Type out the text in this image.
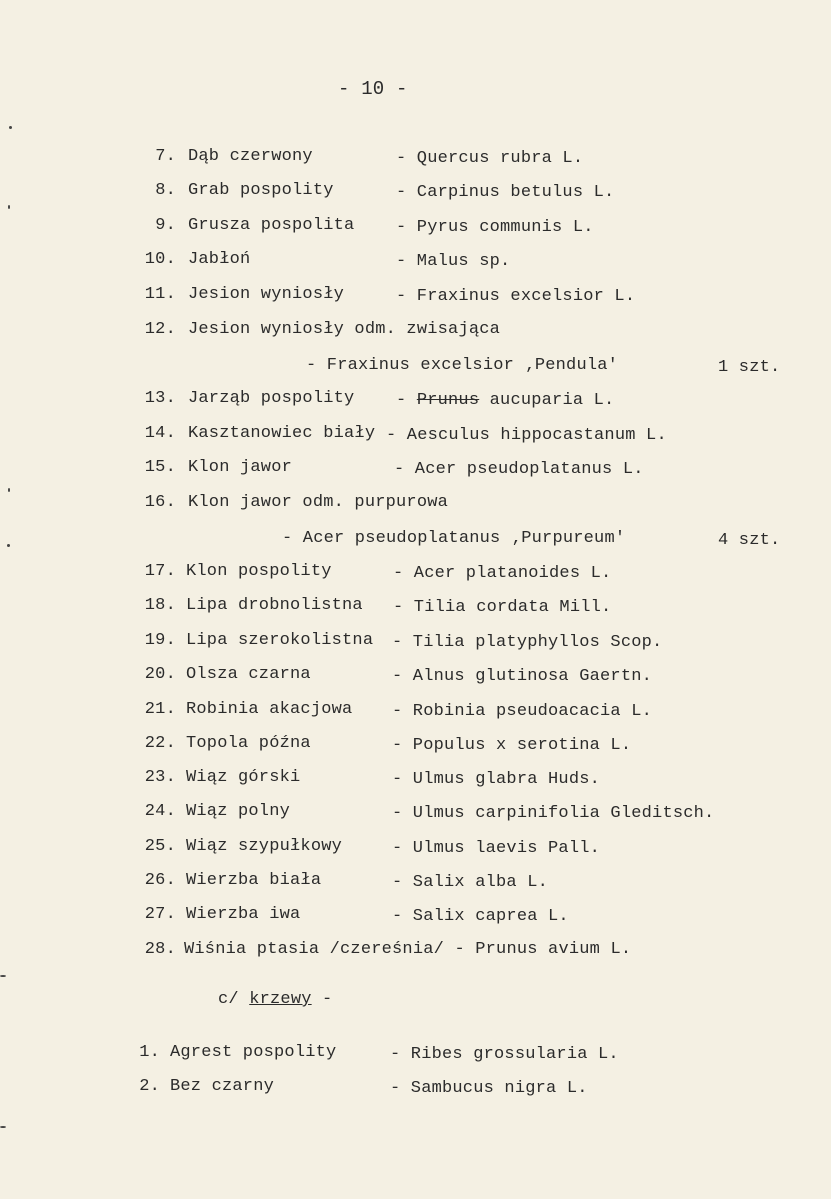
- 10 -
7. Dąb czerwony	- Quercus rubra L.
8. Grab pospolity	- Carpinus betulus L.
9. Grusza pospolita - Pyrus communis L.
10. Jabłoń	- Malus sp.
11. Jesion wyniosły	- Fraxinus excelsior L.
12. Jesion wyniosły odm. zwisająca
- Fraxinus excelsior ‚Pendula'	1 szt.
13. Jarząb pospolity - Prunus aucuparia L.
14. Kasztanowiec biały - Aesculus hippocastanum L.
15. Klon jawor	- Acer pseudoplatanus L.
16. Klon jawor odm. purpurowa
- Acer pseudoplatanus ‚Purpureum'	4 szt.
17. Klon pospolity	- Acer platanoides L.
18. Lipa drobnolistna - Tilia cordata Mill.
19. Lipa szerokolistna - Tilia platyphyllos Scop.
20. Olsza czarna	- Alnus glutinosa Gaertn.
21. Robinia akacjowa - Robinia pseudoacacia L.
22. Topola późna	- Populus x serotina L.
23. Wiąz górski	- Ulmus glabra Huds.
24. Wiąz polny	- Ulmus carpinifolia Gleditsch.
25. Wiąz szypułkowy	- Ulmus laevis Pall.
26. Wierzba biała	- Salix alba L.
27. Wierzba iwa	- Salix caprea L.
28. Wiśnia ptasia /czereśnia/ - Prunus avium L.
c/ krzewy -
1. Agrest pospolity	- Ribes grossularia L.
2. Bez czarny	- Sambucus nigra L.
